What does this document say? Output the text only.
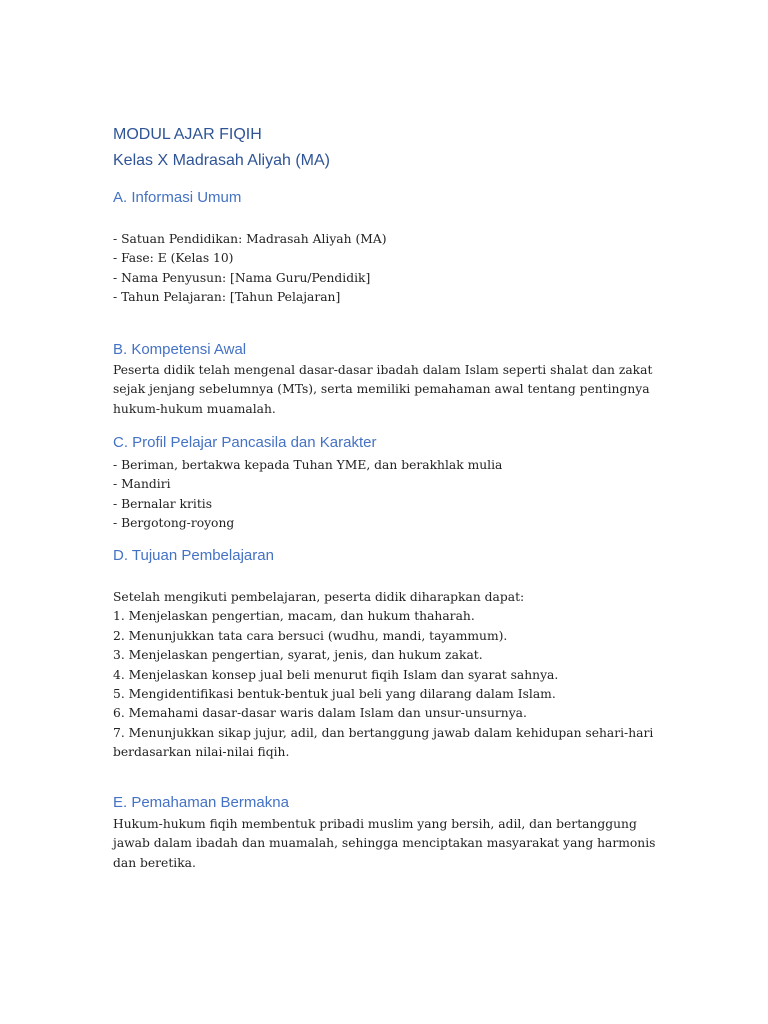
MODUL AJAR FIQIH
Kelas X Madrasah Aliyah (MA)
A. Informasi Umum
- Satuan Pendidikan: Madrasah Aliyah (MA)
- Fase: E (Kelas 10)
- Nama Penyusun: [Nama Guru/Pendidik]
- Tahun Pelajaran: [Tahun Pelajaran]
B. Kompetensi Awal
Peserta didik telah mengenal dasar-dasar ibadah dalam Islam seperti shalat dan zakat sejak jenjang sebelumnya (MTs), serta memiliki pemahaman awal tentang pentingnya hukum-hukum muamalah.
C. Profil Pelajar Pancasila dan Karakter
- Beriman, bertakwa kepada Tuhan YME, dan berakhlak mulia
- Mandiri
- Bernalar kritis
- Bergotong-royong
D. Tujuan Pembelajaran
Setelah mengikuti pembelajaran, peserta didik diharapkan dapat:
1. Menjelaskan pengertian, macam, dan hukum thaharah.
2. Menunjukkan tata cara bersuci (wudhu, mandi, tayammum).
3. Menjelaskan pengertian, syarat, jenis, dan hukum zakat.
4. Menjelaskan konsep jual beli menurut fiqih Islam dan syarat sahnya.
5. Mengidentifikasi bentuk-bentuk jual beli yang dilarang dalam Islam.
6. Memahami dasar-dasar waris dalam Islam dan unsur-unsurnya.
7. Menunjukkan sikap jujur, adil, dan bertanggung jawab dalam kehidupan sehari-hari berdasarkan nilai-nilai fiqih.
E. Pemahaman Bermakna
Hukum-hukum fiqih membentuk pribadi muslim yang bersih, adil, dan bertanggung jawab dalam ibadah dan muamalah, sehingga menciptakan masyarakat yang harmonis dan beretika.
